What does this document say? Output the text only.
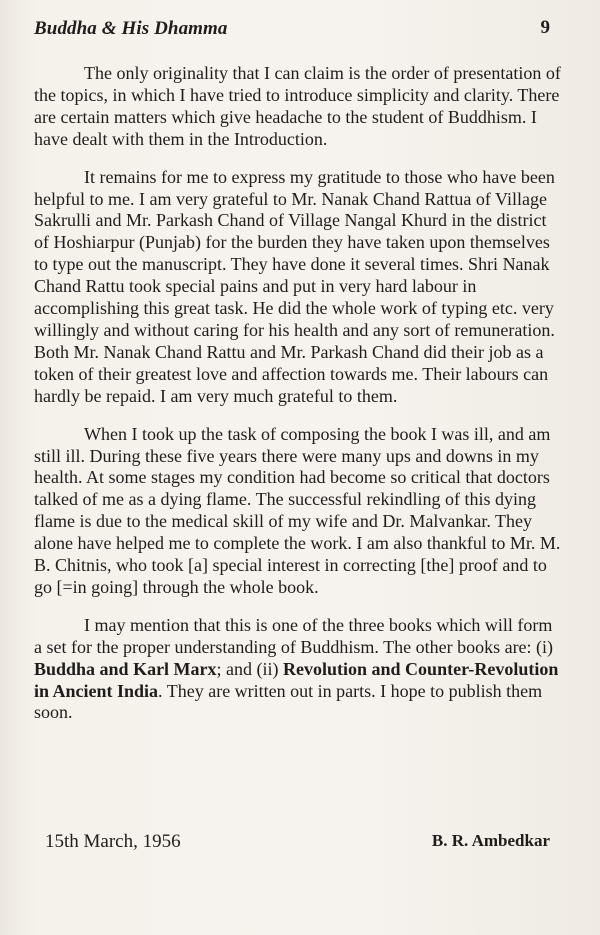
Buddha & His Dhamma	9

The only originality that I can claim is the order of presentation of the topics, in which I have tried to introduce simplicity and clarity. There are certain matters which give headache to the student of Buddhism. I have dealt with them in the Introduction.

It remains for me to express my gratitude to those who have been helpful to me. I am very grateful to Mr. Nanak Chand Rattua of Village Sakrulli and Mr. Parkash Chand of Village Nangal Khurd in the district of Hoshiarpur (Punjab) for the burden they have taken upon themselves to type out the manuscript. They have done it several times. Shri Nanak Chand Rattu took special pains and put in very hard labour in accomplishing this great task. He did the whole work of typing etc. very willingly and without caring for his health and any sort of remuneration. Both Mr. Nanak Chand Rattu and Mr. Parkash Chand did their job as a token of their greatest love and affection towards me. Their labours can hardly be repaid. I am very much grateful to them.

When I took up the task of composing the book I was ill, and am still ill. During these five years there were many ups and downs in my health. At some stages my condition had become so critical that doctors talked of me as a dying flame. The successful rekindling of this dying flame is due to the medical skill of my wife and Dr. Malvankar. They alone have helped me to complete the work. I am also thankful to Mr. M. B. Chitnis, who took [a] special interest in correcting [the] proof and to go [=in going] through the whole book.

I may mention that this is one of the three books which will form a set for the proper understanding of Buddhism. The other books are: (i) Buddha and Karl Marx; and (ii) Revolution and Counter-Revolution in Ancient India. They are written out in parts. I hope to publish them soon.

15th March, 1956	B. R. Ambedkar
